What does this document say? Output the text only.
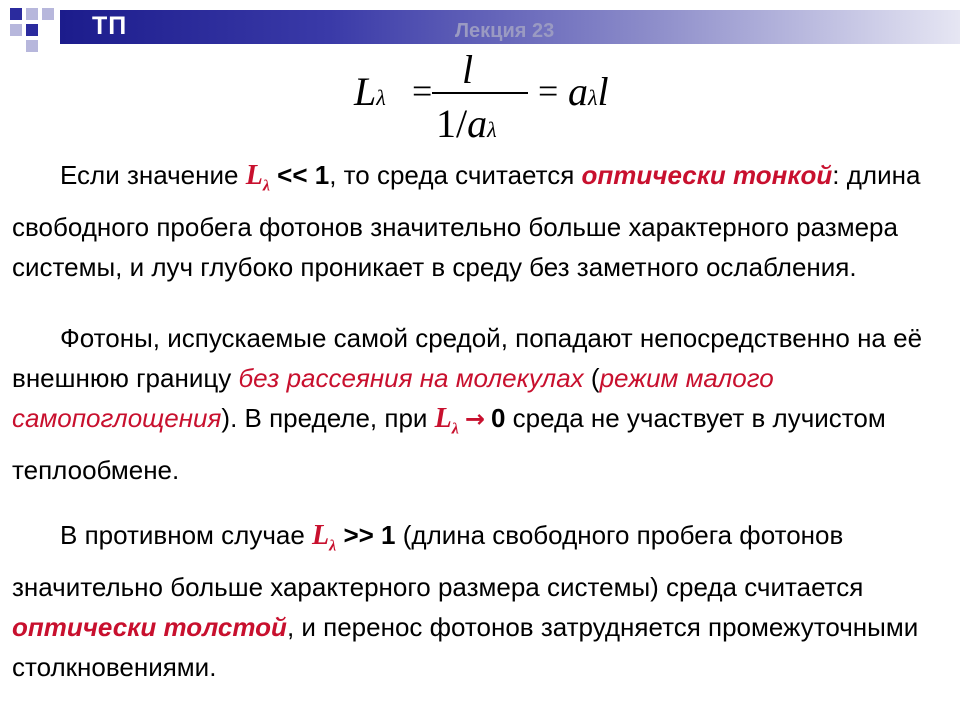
ТП	Лекция 23
Lλ = l
1/aλ
= aλl
Если значение $L_\lambda << 1$, то среда считается оптически тонкой: длина свободного пробега фотонов значительно больше характерного размера системы, и луч глубоко проникает в среду без заметного ослабления.
Фотоны, испускаемые самой средой, попадают непосредственно на её внешнюю границу без рассеяния на молекулах (режим малого самопоглощения). В пределе, при $L_\lambda \to 0$ среда не участвует в лучистом теплообмене.
В противном случае $L_\lambda >> 1$ (длина свободного пробега фотонов значительно больше характерного размера системы) среда считается оптически толстой, и перенос фотонов затрудняется промежуточными столкновениями.
